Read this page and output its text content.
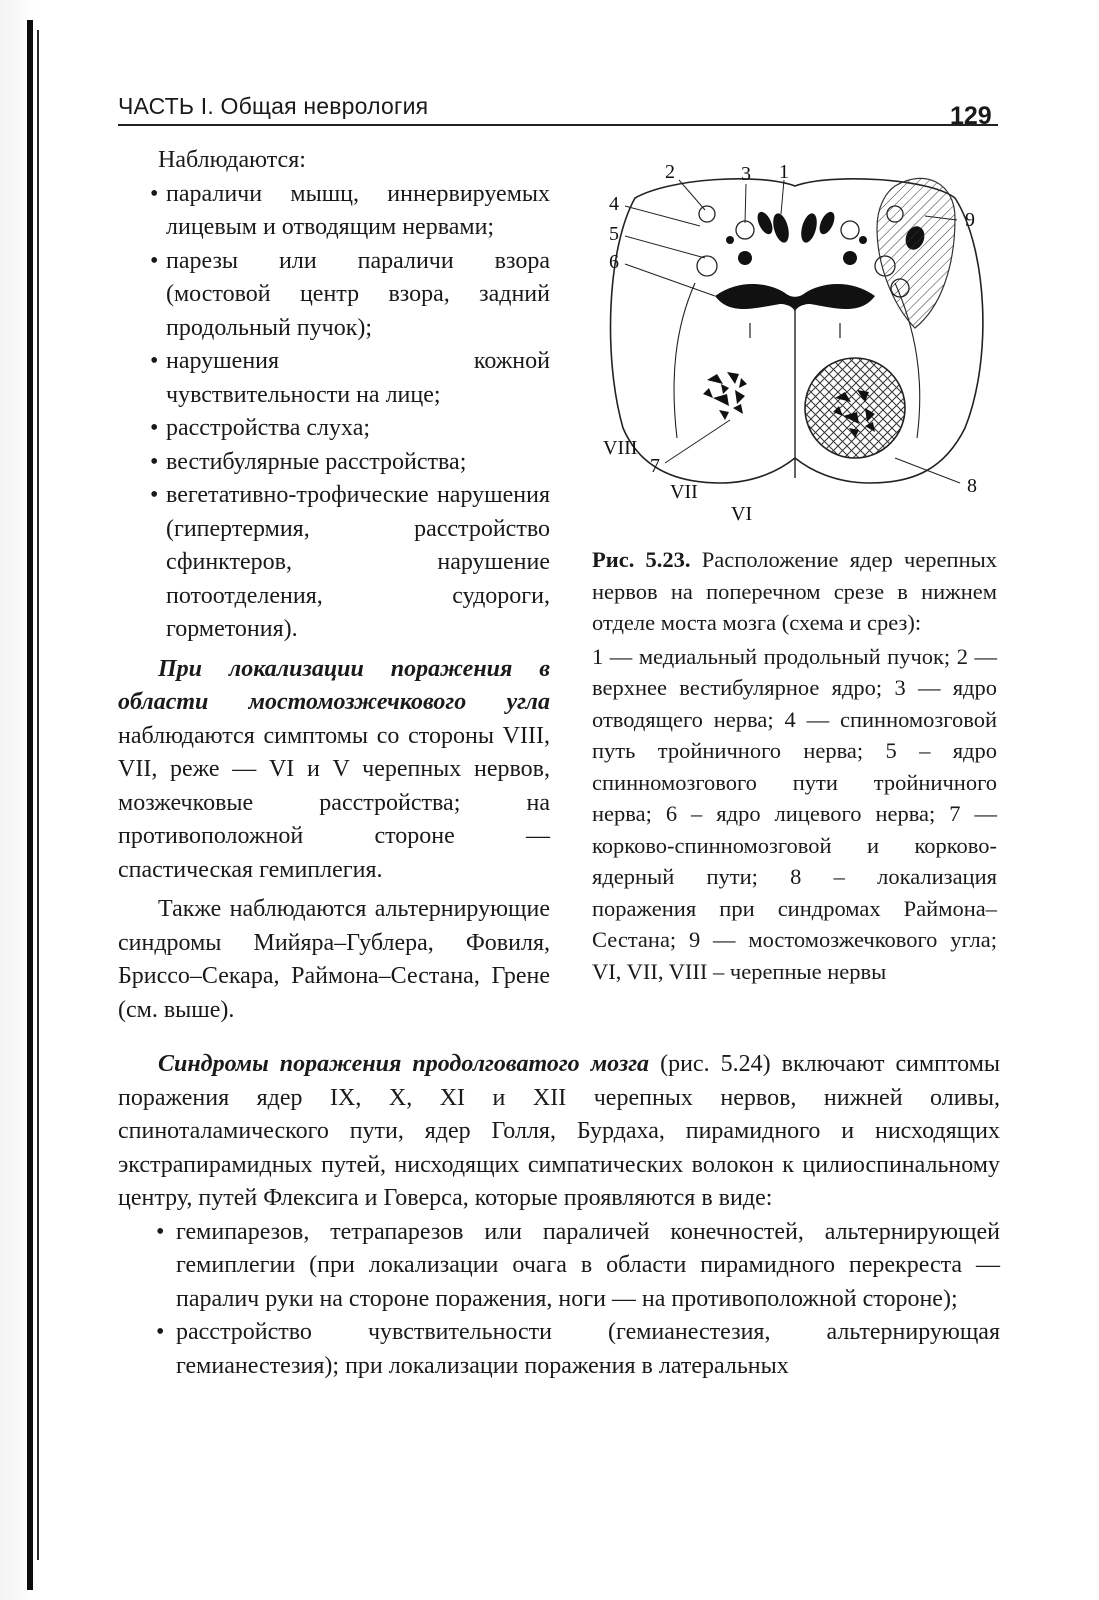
ЧАСТЬ I. Общая неврология	129

Наблюдаются:

• параличи мышц, иннервируемых лицевым и отводящим нервами;
• парезы или параличи взора (мостовой центр взора, задний продольный пучок);
• нарушения кожной чувствительности на лице;
• расстройства слуха;
• вестибулярные расстройства;
• вегетативно-трофические нарушения (гипертермия, расстройство сфинктеров, нарушение потоотделения, судороги, горметония).

При локализации поражения в области мостомозжечкового угла наблюдаются симптомы со стороны VIII, VII, реже — VI и V черепных нервов, мозжечковые расстройства; на противоположной стороне — спастическая гемиплегия.

Также наблюдаются альтернирующие синдромы Мийяра–Гублера, Фовиля, Бриссо–Секара, Раймона–Сестана, Грене (см. выше).

2	3 1
4
5
6
9
VIII
7
VII
VI
8

Рис. 5.23. Расположение ядер черепных нервов на поперечном срезе в нижнем отделе моста мозга (схема и срез):

1 — медиальный продольный пучок; 2 — верхнее вестибулярное ядро; 3 — ядро отводящего нерва; 4 — спинномозговой путь тройничного нерва; 5 – ядро спинномозгового пути тройничного нерва; 6 – ядро лицевого нерва; 7 — корково-спинномозговой и корково-ядерный пути; 8 – локализация поражения при синдромах Раймона–Сестана; 9 — мостомозжечкового угла; VI, VII, VIII – черепные нервы

Синдромы поражения продолговатого мозга (рис. 5.24) включают симптомы поражения ядер IX, X, XI и XII черепных нервов, нижней оливы, спиноталамического пути, ядер Голля, Бурдаха, пирамидного и нисходящих экстрапирамидных путей, нисходящих симпатических волокон к цилиоспинальному центру, путей Флексига и Говерса, которые проявляются в виде:

• гемипарезов, тетрапарезов или параличей конечностей, альтернирующей гемиплегии (при локализации очага в области пирамидного перекреста — паралич руки на стороне поражения, ноги — на противоположной стороне);
• расстройство чувствительности (гемианестезия, альтернирующая гемианестезия); при локализации поражения в латеральных
